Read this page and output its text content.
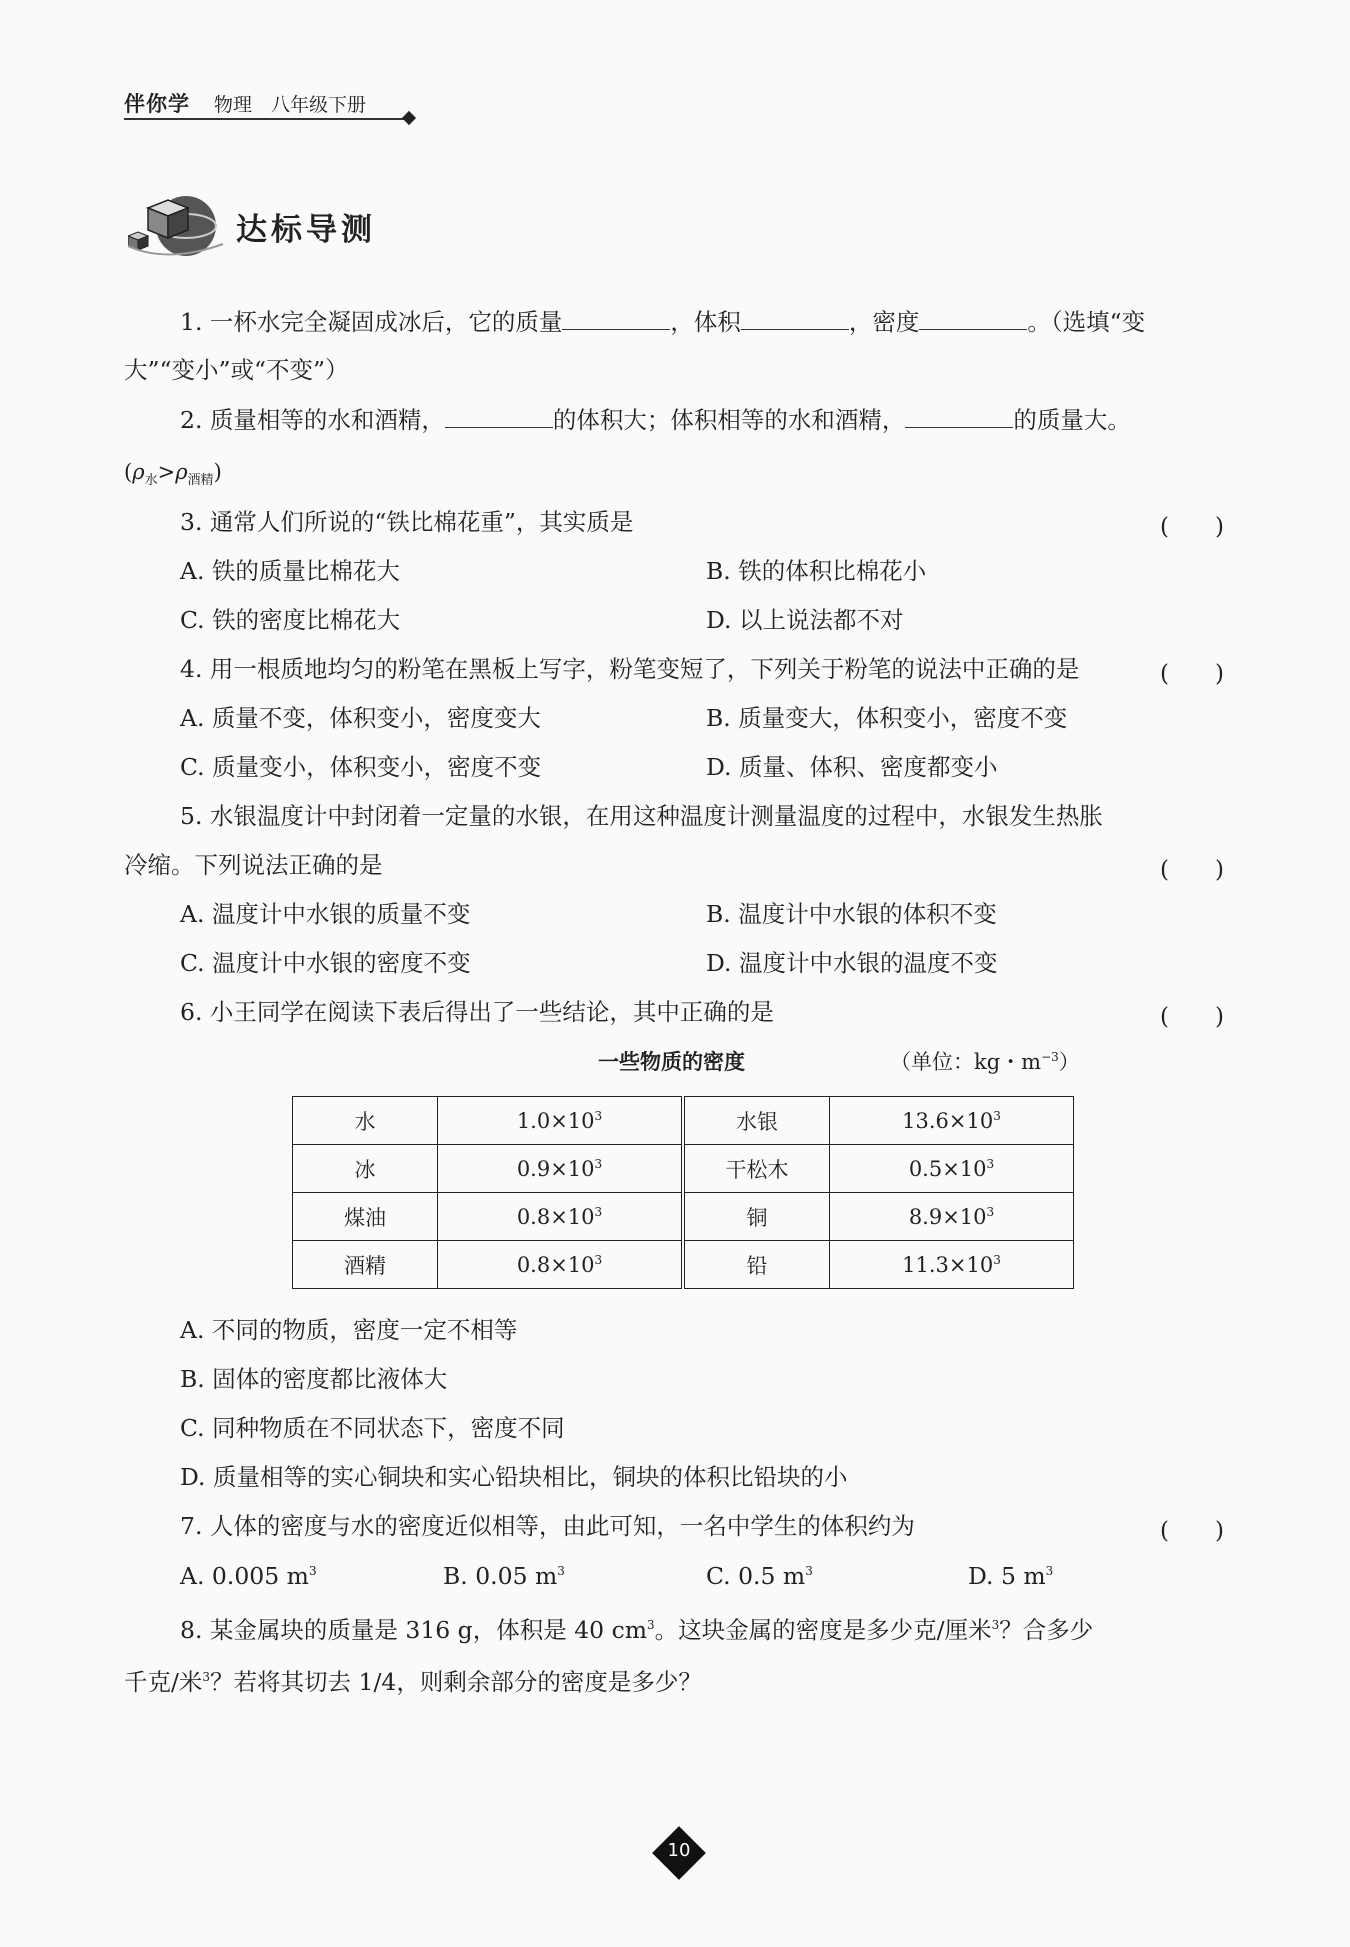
伴你学 物理　 八年级下册
达标导测
1. 一杯水完全凝固成冰后，它的质量	，体积	，密度	。（选填“变
大”“变小”或“不变”）
2. 质量相等的水和酒精，	的体积大；体积相等的水和酒精，	的质量大。
$(\rho_水>\rho_{酒精})$
3. 通常人们所说的“铁比棉花重”，其实质是	(　　)
A. 铁的质量比棉花大	B. 铁的体积比棉花小
C. 铁的密度比棉花大	D. 以上说法都不对
4. 用一根质地均匀的粉笔在黑板上写字，粉笔变短了，下列关于粉笔的说法中正确的是	(　　)
A. 质量不变，体积变小，密度变大	B. 质量变大，体积变小，密度不变
C. 质量变小，体积变小，密度不变	D. 质量、体积、密度都变小
5. 水银温度计中封闭着一定量的水银，在用这种温度计测量温度的过程中，水银发生热胀
冷缩。下列说法正确的是	(　　)
A. 温度计中水银的质量不变	B. 温度计中水银的体积不变
C. 温度计中水银的密度不变	D. 温度计中水银的温度不变
6. 小王同学在阅读下表后得出了一些结论，其中正确的是	(　　)
一些物质的密度	（单位：kg・$m^{-3}$）
水	$1.0\times 10^3$	水银	$13.6\times 10^3$
冰	$0.9\times 10^3$	干松木	$0.5\times 10^3$
煤油	$0.8\times 10^3$	铜	$8.9\times 10^3$
酒精	$0.8\times 10^3$	铅	$11.3\times 10^3$
A. 不同的物质，密度一定不相等
B. 固体的密度都比液体大
C. 同种物质在不同状态下，密度不同
D. 质量相等的实心铜块和实心铅块相比，铜块的体积比铅块的小
7. 人体的密度与水的密度近似相等，由此可知，一名中学生的体积约为	(　　)
A. 0.005 $m^3$	B. 0.05 $m^3$	C. 0.5 $m^3$	D. 5 $m^3$
8. 某金属块的质量是 316 g，体积是 40 $cm^3$。这块金属的密度是多少克/厘米$^3$？合多少
千克/米$^3$？若将其切去 1/4，则剩余部分的密度是多少？
10
